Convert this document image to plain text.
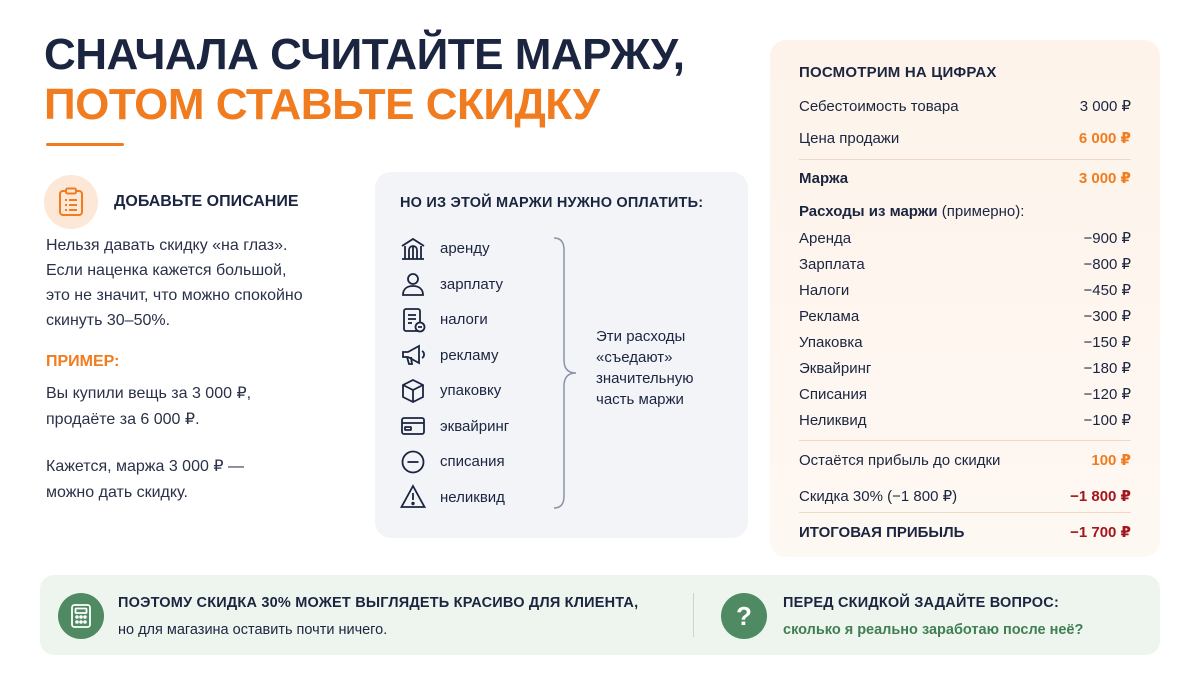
СНАЧАЛА СЧИТАЙТЕ МАРЖУ,
ПОТОМ СТАВЬТЕ СКИДКУ
ДОБАВЬТЕ ОПИСАНИЕ
Нельзя давать скидку «на глаз».
Если наценка кажется большой,
это не значит, что можно спокойно
скинуть 30–50%.
ПРИМЕР:
Вы купили вещь за 3 000 ₽,
продаёте за 6 000 ₽.
Кажется, маржа 3 000 ₽ —
можно дать скидку.
НО ИЗ ЭТОЙ МАРЖИ НУЖНО ОПЛАТИТЬ:
аренду
зарплату
налоги
рекламу
упаковку
эквайринг
списания
неликвид
Эти расходы
«съедают»
значительную
часть маржи
ПОСМОТРИМ НА ЦИФРАХ
Себестоимость товара	3 000 ₽
Цена продажи	6 000 ₽
Маржа	3 000 ₽
Расходы из маржи (примерно):
Аренда	−900 ₽
Зарплата	−800 ₽
Налоги	−450 ₽
Реклама	−300 ₽
Упаковка	−150 ₽
Эквайринг	−180 ₽
Списания	−120 ₽
Неликвид	−100 ₽
Остаётся прибыль до скидки	100 ₽
Скидка 30% (−1 800 ₽)	−1 800 ₽
ИТОГОВАЯ ПРИБЫЛЬ	−1 700 ₽
ПОЭТОМУ СКИДКА 30% МОЖЕТ ВЫГЛЯДЕТЬ КРАСИВО ДЛЯ КЛИЕНТА,
но для магазина оставить почти ничего.	? ПЕРЕД СКИДКОЙ ЗАДАЙТЕ ВОПРОС:
сколько я реально заработаю после неё?
